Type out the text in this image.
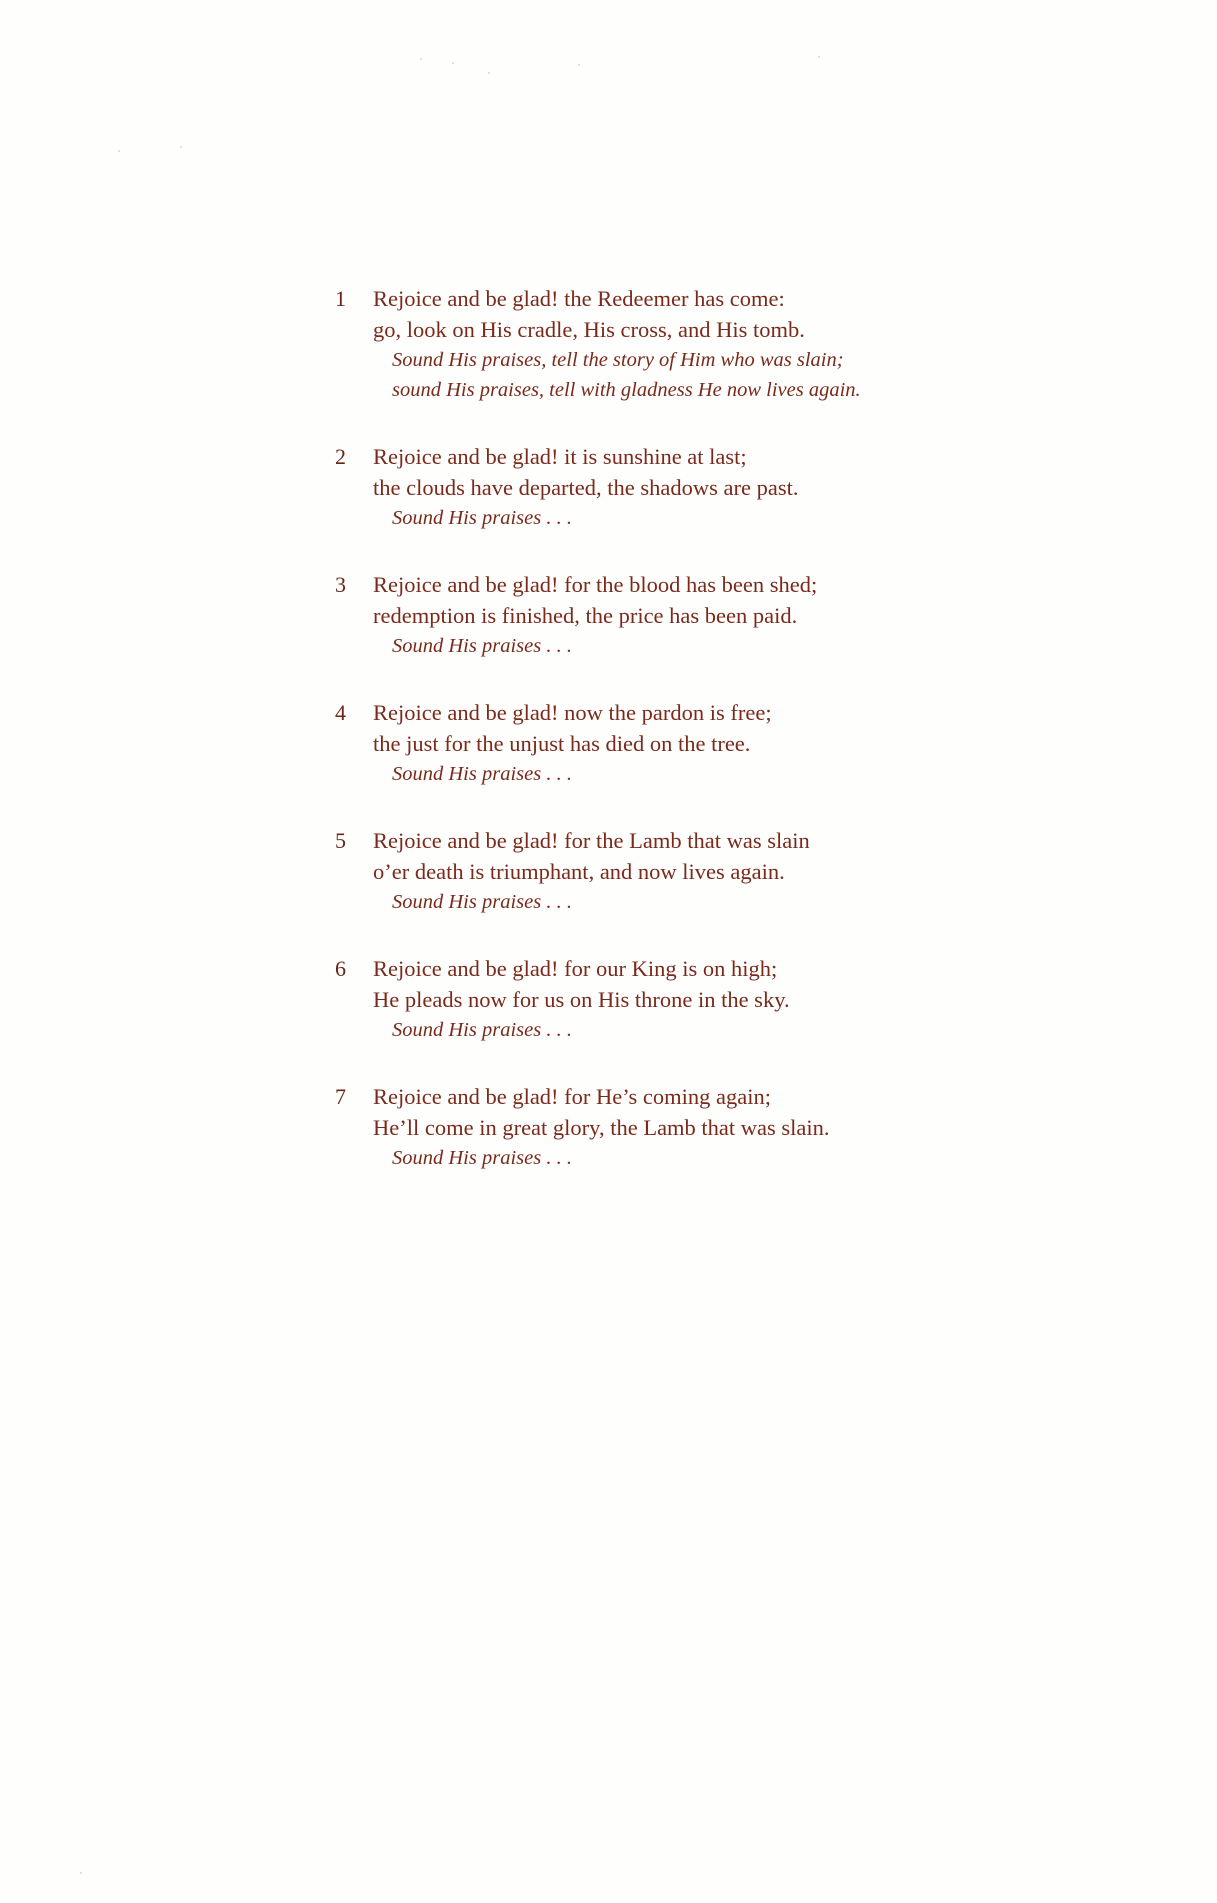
1	Rejoice and be glad! the Redeemer has come:
go, look on His cradle, His cross, and His tomb.
Sound His praises, tell the story of Him who was slain;
sound His praises, tell with gladness He now lives again.
2	Rejoice and be glad! it is sunshine at last;
the clouds have departed, the shadows are past.
Sound His praises . . .
3	Rejoice and be glad! for the blood has been shed;
redemption is finished, the price has been paid.
Sound His praises . . .
4	Rejoice and be glad! now the pardon is free;
the just for the unjust has died on the tree.
Sound His praises . . .
5	Rejoice and be glad! for the Lamb that was slain
o’er death is triumphant, and now lives again.
Sound His praises . . .
6	Rejoice and be glad! for our King is on high;
He pleads now for us on His throne in the sky.
Sound His praises . . .
7	Rejoice and be glad! for He’s coming again;
He’ll come in great glory, the Lamb that was slain.
Sound His praises . . .
